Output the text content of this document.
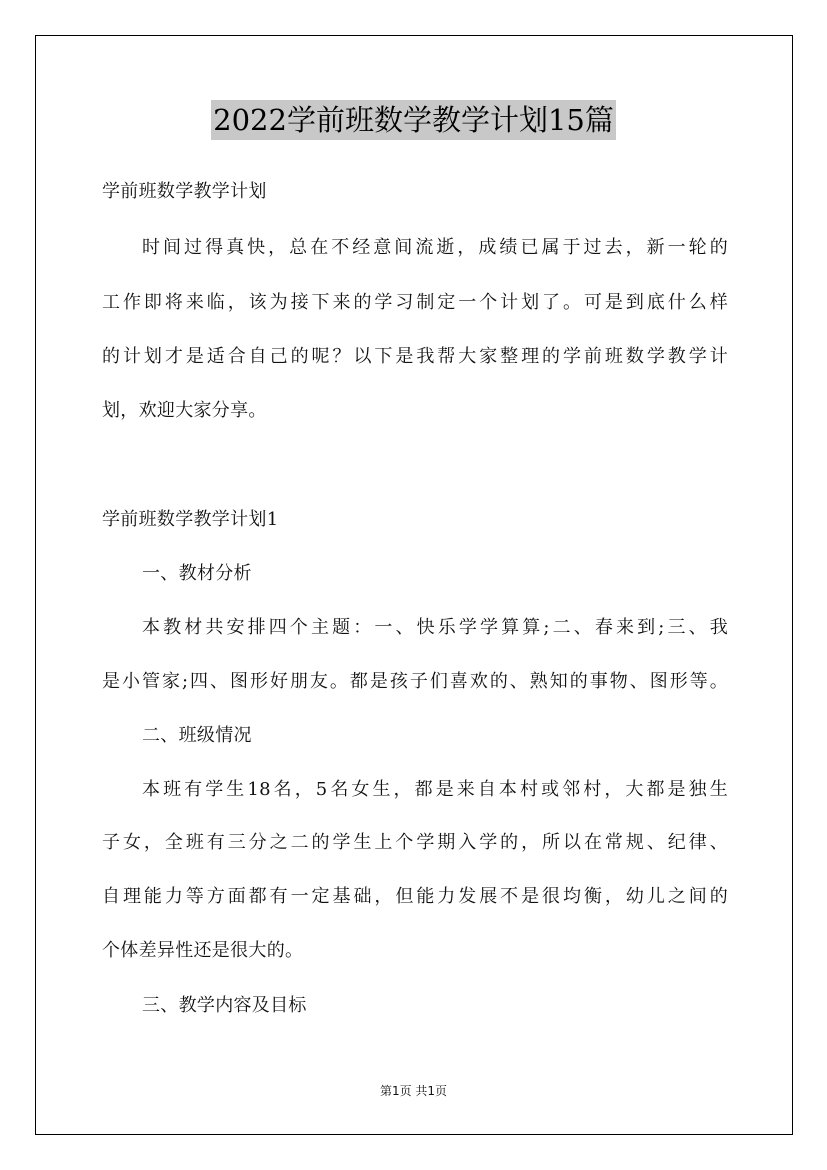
2022学前班数学教学计划15篇
学前班数学教学计划
时间过得真快，总在不经意间流逝，成绩已属于过去，新一轮的
工作即将来临，该为接下来的学习制定一个计划了。可是到底什么样
的计划才是适合自己的呢？以下是我帮大家整理的学前班数学教学计
划，欢迎大家分享。
学前班数学教学计划1
一、教材分析
本教材共安排四个主题：一、快乐学学算算;二、春来到;三、我
是小管家;四、图形好朋友。都是孩子们喜欢的、熟知的事物、图形等。
二、班级情况
本班有学生18名，5名女生，都是来自本村或邻村，大都是独生
子女，全班有三分之二的学生上个学期入学的，所以在常规、纪律、
自理能力等方面都有一定基础，但能力发展不是很均衡，幼儿之间的
个体差异性还是很大的。
三、教学内容及目标
第1页 共1页
